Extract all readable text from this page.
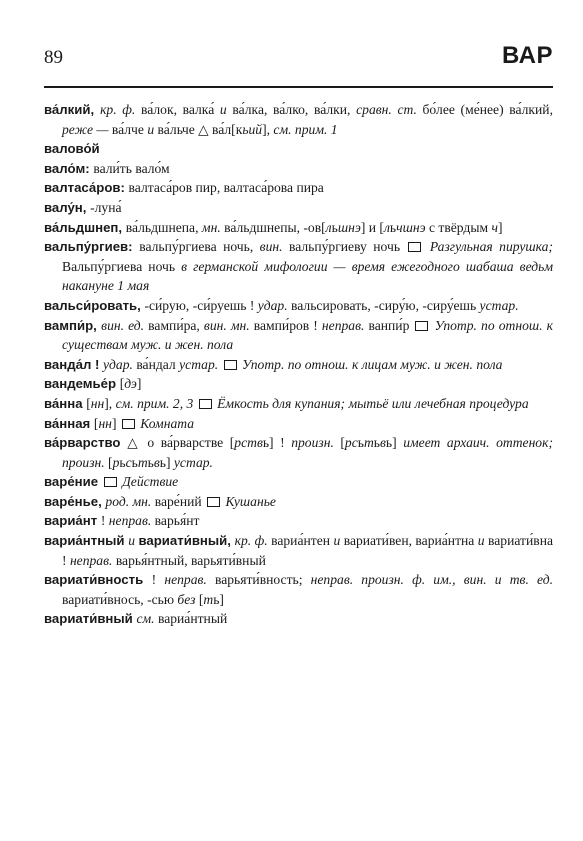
89	ВАР
ва́лкий, кр. ф. ва́лок, валка́ и ва́лка, ва́лко, ва́лки, сравн. ст. бо́лее (ме́нее) ва́лкий, реже — ва́лче и ва́льче △ ва́л[кьий], см. прим. 1
валово́й
вало́м: вали́ть вало́м
валтаса́ров: валтаса́ров пир, валтаса́рова пира
валу́н, -луна́
ва́льдшнеп, ва́льдшнепа, мн. ва́льдшнепы, -ов[льшнэ] и [льчшнэ с твёрдым ч]
вальпу́ргиев: вальпу́ргиева ночь, вин. вальпу́ргиеву ночь  Разгульная пирушка; Вальпу́ргиева ночь в германской мифологии — время ежегодного шабаша ведьм накануне 1 мая
вальси́ровать, -си́рую, -си́руешь ! удар. вальсировать, -сиру́ю, -сиру́ешь устар.
вампи́р, вин. ед. вампи́ра, вин. мн. вампи́ров ! неправ. ванпи́р  Употр. по отнош. к существам муж. и жен. пола
ванда́л ! удар. ва́ндал устар.  Употр. по отнош. к лицам муж. и жен. пола
вандемье́р [дэ]
ва́нна [нн], см. прим. 2, 3  Ёмкость для купания; мытьё или лечебная процедура
ва́нная [нн]  Комната
ва́рварство △ о ва́рварстве [рствь] ! произн. [рсьтьвь] имеет архаич. оттенок; произн. [рьсьтьвь] устар.
варе́ние  Действие
варе́нье, род. мн. варе́ний  Кушанье
вариа́нт ! неправ. варья́нт
вариа́нтный и вариати́вный, кр. ф. вариа́нтен и вариати́вен, вариа́нтна и вариати́вна ! неправ. варья́нтный, варьяти́вный
вариати́вность ! неправ. варьяти́вность; неправ. произн. ф. им., вин. и тв. ед. вариати́внось, -сью без [ть]
вариати́вный см. вариа́нтный
